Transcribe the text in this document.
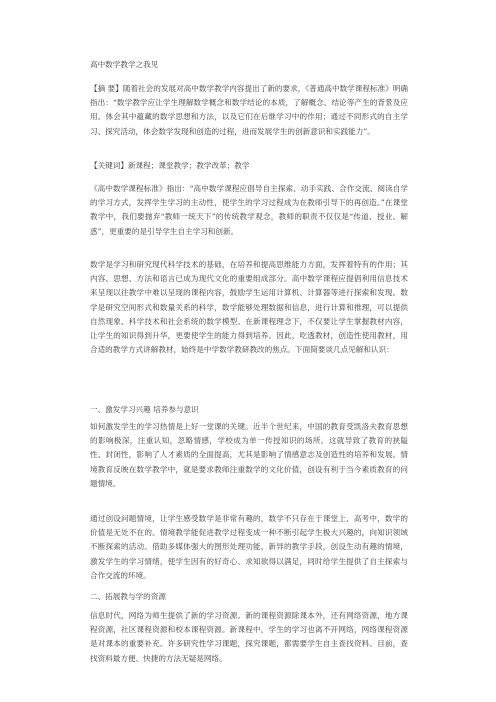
高中数学教学之我见

【摘 要】随着社会的发展对高中数学教学内容提出了新的要求，《普通高中数学课程标准》明确指出：“数学教学应让学生理解数学概念和数学结论的本质，了解概念、结论等产生的背景及应用。体会其中蕴藏的数学思想和方法，以及它们在后继学习中的作用；通过不同形式的自主学习、探究活动，体会数学发现和创造的过程，进而发展学生的创新意识和实践能力”。

【关键词】新课程；课堂教学；教学改革；教学

《高中数学课程标准》指出：“高中数学课程应倡导自主探索、动手实践、合作交流、阅读自学的学习方式，发挥学生学习的主动性，使学生的学习过程成为在教师引导下的再创造。”在课堂教学中，我们要抛弃“教师一统天下”的传统教学观念，教师的职责不仅仅是“传道、授业、解惑”，更重要的是引导学生自主学习和创新。

数学是学习和研究现代科学技术的基础，在培养和提高思维能力方面，发挥着特有的作用；其内容、思想、方法和语言已成为现代文化的重要组成部分。高中数学课程应提倡利用信息技术来呈现以往教学中难以呈现的课程内容，鼓励学生运用计算机、计算器等进行探索和发现。数学是研究空间形式和数量关系的科学，数学能够处理数据和信息，进行计算和推理，可以提供自然现象、科学技术和社会系统的数学模型。在新课程理念下，不仅要让学生掌握教材内容，让学生的知识得到升华，更要使学生的能力得到培养。因此，吃透教材，创造性使用教材，用合适的教学方式讲解教材，始终是中学数学教研教改的焦点。下面简要谈几点见解和认识：

一、激发学习兴趣 培养参与意识

如何激发学生的学习热情是上好一堂课的关键。近半个世纪来，中国的教育受凯洛夫教育思想的影响极深，注重认知，忽略情感，学校成为单一传授知识的场所。这就导致了教育的狭隘性、封闭性，影响了人才素质的全面提高，尤其是影响了情感意志及创造性的培养和发展。情境教育反映在数学教学中，就是要求教师注重数学的文化价值，创设有利于当今素质教育的问题情境。

通过创设问题情境，让学生感受数学是非常有趣的，数学不只存在于课堂上、高考中，数学的价值是无处不在的。情境教学能促进教学过程变成一种不断引起学生极大兴趣的，向知识领域不断探索的活动。借助多媒体强大的图形处理功能，新异的教学手段，创设生动有趣的情境，激发学生的学习情绪，使学生因有的好奇心、求知欲得以满足，同时给学生提供了自主探索与合作交流的环境。

二、拓展教与学的资源

信息时代，网络为师生提供了新的学习资源。新的课程资源除课本外，还有网络资源，地方课程资源，社区课程资源和校本课程资源。新课程中，学生的学习也离不开网络，网络课程资源是对课本的重要补充。许多研究性学习课题，探究课题，都需要学生自主查找资料。目前，查找资料最方便、快捷的方法无疑是网络。
